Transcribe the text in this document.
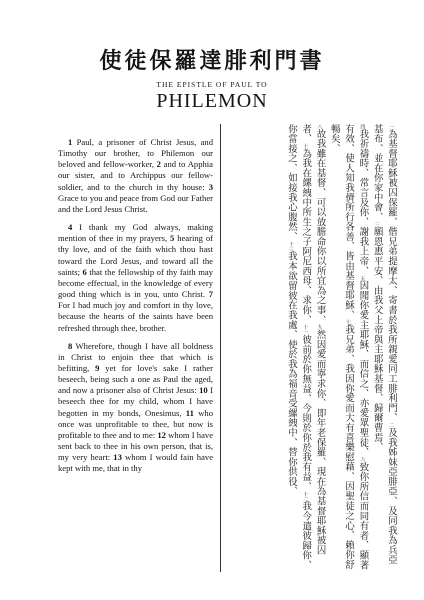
使徒保羅達腓利門書
THE EPISTLE OF PAUL TO
PHILEMON

1 Paul, a prisoner of Christ Jesus, and Timothy our brother, to Philemon our beloved and fellow-worker, 2 and to Apphia our sister, and to Archippus our fellow-soldier, and to the church in thy house: 3 Grace to you and peace from God our Father and the Lord Jesus Christ.

4 I thank my God always, making mention of thee in my prayers, 5 hearing of thy love, and of the faith which thou hast toward the Lord Jesus, and toward all the saints; 6 that the fellowship of thy faith may become effectual, in the knowledge of every good thing which is in you, unto Christ. 7 For I had much joy and comfort in thy love, because the hearts of the saints have been refreshed through thee, brother.

8 Wherefore, though I have all boldness in Christ to enjoin thee that which is befitting, 9 yet for love's sake I rather beseech, being such a one as Paul the aged, and now a prisoner also of Christ Jesus: 10 I beseech thee for my child, whom I have begotten in my bonds, Onesimus, 11 who once was unprofitable to thee, but now is profitable to thee and to me: 12 whom I have sent back to thee in his own person, that is, my very heart: 13 whom I would fain have kept with me, that in thy

一為基督耶穌被囚保羅、偕兄弟提摩太、寄書於我所親愛同工腓利門、二及我姊妹亞腓亞、及同我為兵亞基布、並在你家中會、三願恩惠平安、由我父上帝與主耶穌基督、歸爾曹焉、

四我祈禱時、常言及你、謝我上帝、五因聞你愛主耶穌、而信之、亦愛眾聖徒、六致你所信而同有者、顯著有效、使人知我儕所行各善、皆由基督耶穌、七我兄弟、我因你愛而大有喜樂慰藉、因聖徒之心、賴你舒暢矣、

八故我雖在基督、可以放膽命你以所宜為之事、九然因愛而寧求你、即年老保羅、現在為基督耶穌被囚者、十為我在縲絏中所生之子阿尼西母、求你、十一彼前於你無益、今則於你於我有益、十二我今遣彼歸你、你當接之、如接我心腹然、十三我本欲留彼在我處、使於我為福音受縲絏中、替你供役、
